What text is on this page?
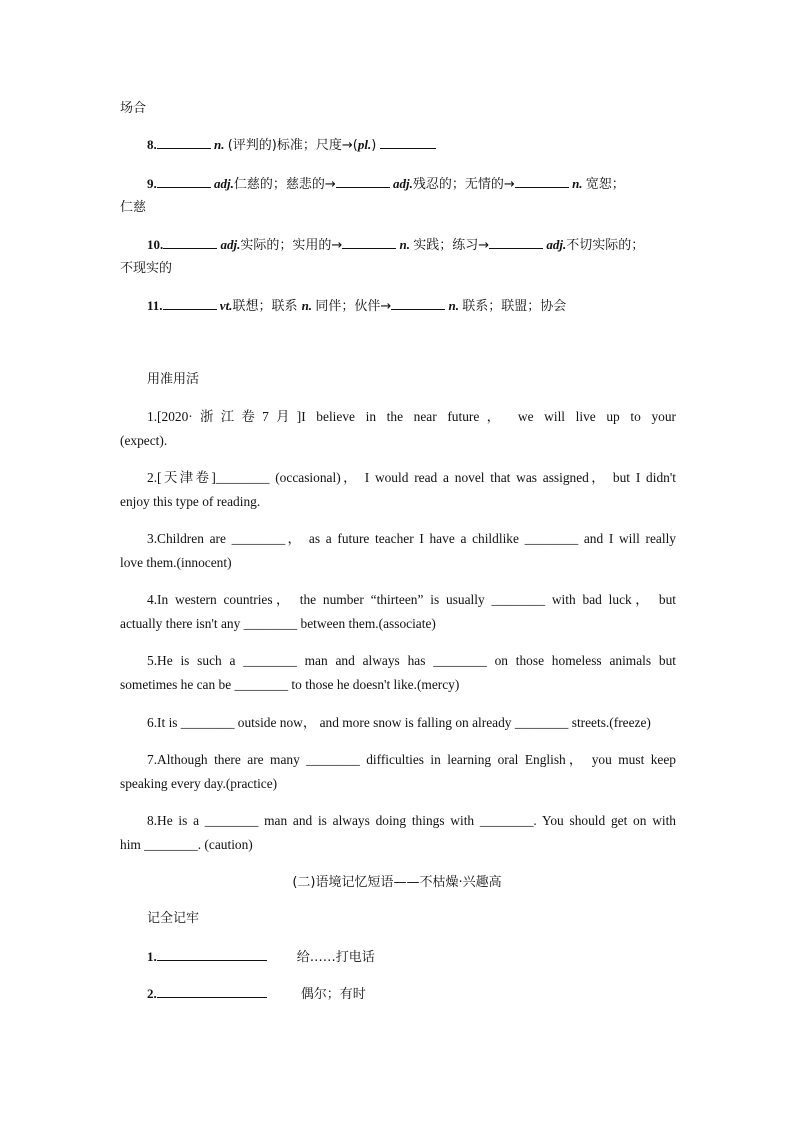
场合
8.	n. (评判的)标准；尺度→(pl.)
9.	adj.仁慈的；慈悲的→	adj.残忍的；无情的→	n. 宽恕；
仁慈
10.	adj.实际的；实用的→	n. 实践；练习→	adj.不切实际的；
不现实的
11.	vt.联想；联系 n. 同伴；伙伴→	n. 联系；联盟；协会
用准用活
1.[2020·浙江卷7月]I believe in the near future， we will live up to your
(expect).
2.[天津卷]________ (occasional)， I would read a novel that was assigned， but I didn't
enjoy this type of reading.
3.Children are ________， as a future teacher I have a childlike ________ and I will really
love them.(innocent)
4.In western countries， the number “thirteen” is usually ________ with bad luck， but
actually there isn't any ________ between them.(associate)
5.He is such a ________ man and always has ________ on those homeless animals but
sometimes he can be ________ to those he doesn't like.(mercy)
6.It is ________ outside now， and more snow is falling on already ________ streets.(freeze)
7.Although there are many ________ difficulties in learning oral English， you must keep
speaking every day.(practice)
8.He is a ________ man and is always doing things with ________. You should get on with
him ________. (caution)
(二)语境记忆短语——不枯燥·兴趣高
记全记牢
1.	给……打电话
2.	偶尔；有时
